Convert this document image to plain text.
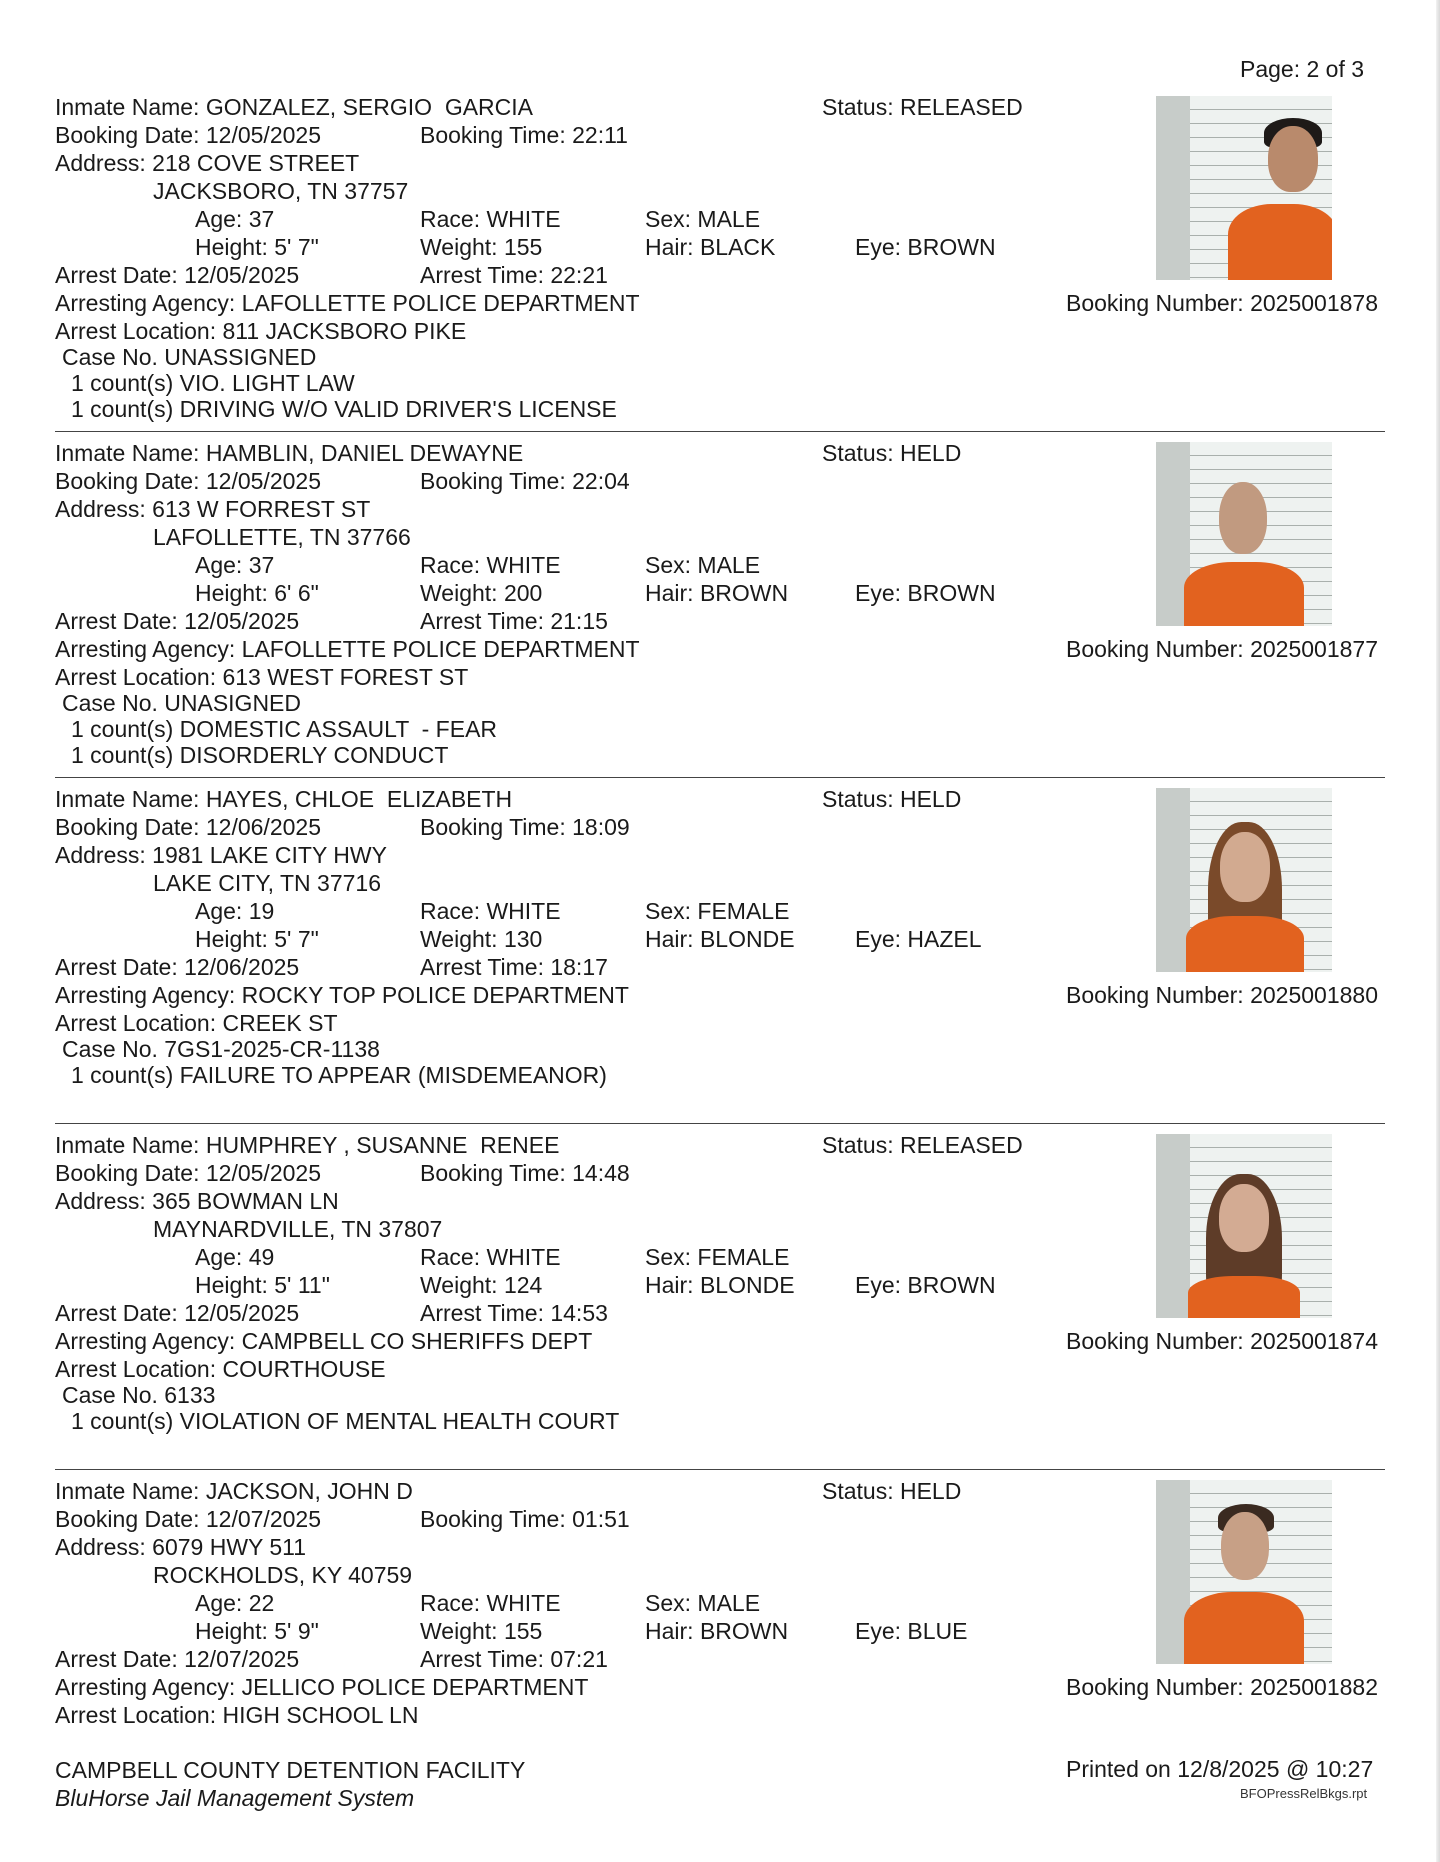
Page: 2 of 3
Inmate Name: GONZALEZ, SERGIO  GARCIA	Status: RELEASED
Booking Date: 12/05/2025	Booking Time: 22:11
Address: 218 COVE STREET
JACKSBORO, TN 37757
Age: 37	Race: WHITE	Sex: MALE
Height: 5' 7"	Weight: 155	Hair: BLACK	Eye: BROWN
Arrest Date: 12/05/2025	Arrest Time: 22:21
Arresting Agency: LAFOLLETTE POLICE DEPARTMENT	Booking Number: 2025001878
Arrest Location: 811 JACKSBORO PIKE
Case No. UNASSIGNED
1 count(s) VIO. LIGHT LAW
1 count(s) DRIVING W/O VALID DRIVER'S LICENSE
Inmate Name: HAMBLIN, DANIEL DEWAYNE	Status: HELD
Booking Date: 12/05/2025	Booking Time: 22:04
Address: 613 W FORREST ST
LAFOLLETTE, TN 37766
Age: 37	Race: WHITE	Sex: MALE
Height: 6' 6"	Weight: 200	Hair: BROWN	Eye: BROWN
Arrest Date: 12/05/2025	Arrest Time: 21:15
Arresting Agency: LAFOLLETTE POLICE DEPARTMENT	Booking Number: 2025001877
Arrest Location: 613 WEST FOREST ST
Case No. UNASIGNED
1 count(s) DOMESTIC ASSAULT  - FEAR
1 count(s) DISORDERLY CONDUCT
Inmate Name: HAYES, CHLOE  ELIZABETH	Status: HELD
Booking Date: 12/06/2025	Booking Time: 18:09
Address: 1981 LAKE CITY HWY
LAKE CITY, TN 37716
Age: 19	Race: WHITE	Sex: FEMALE
Height: 5' 7"	Weight: 130	Hair: BLONDE	Eye: HAZEL
Arrest Date: 12/06/2025	Arrest Time: 18:17
Arresting Agency: ROCKY TOP POLICE DEPARTMENT	Booking Number: 2025001880
Arrest Location: CREEK ST
Case No. 7GS1-2025-CR-1138
1 count(s) FAILURE TO APPEAR (MISDEMEANOR)
Inmate Name: HUMPHREY , SUSANNE  RENEE	Status: RELEASED
Booking Date: 12/05/2025	Booking Time: 14:48
Address: 365 BOWMAN LN
MAYNARDVILLE, TN 37807
Age: 49	Race: WHITE	Sex: FEMALE
Height: 5' 11"	Weight: 124	Hair: BLONDE	Eye: BROWN
Arrest Date: 12/05/2025	Arrest Time: 14:53
Arresting Agency: CAMPBELL CO SHERIFFS DEPT	Booking Number: 2025001874
Arrest Location: COURTHOUSE
Case No. 6133
1 count(s) VIOLATION OF MENTAL HEALTH COURT
Inmate Name: JACKSON, JOHN D	Status: HELD
Booking Date: 12/07/2025	Booking Time: 01:51
Address: 6079 HWY 511
ROCKHOLDS, KY 40759
Age: 22	Race: WHITE	Sex: MALE
Height: 5' 9"	Weight: 155	Hair: BROWN	Eye: BLUE
Arrest Date: 12/07/2025	Arrest Time: 07:21
Arresting Agency: JELLICO POLICE DEPARTMENT	Booking Number: 2025001882
Arrest Location: HIGH SCHOOL LN
CAMPBELL COUNTY DETENTION FACILITY
BluHorse Jail Management System
Printed on 12/8/2025 @ 10:27
BFOPressRelBkgs.rpt
